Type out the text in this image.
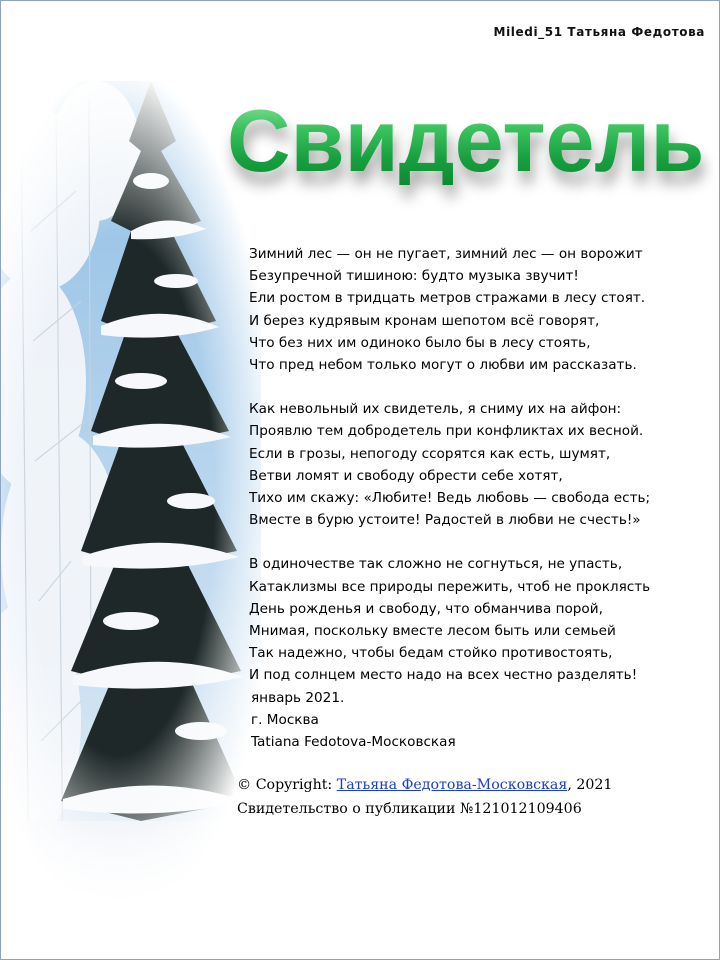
Miledi_51 Татьяна Федотова
Свидетель
Зимний лес — он не пугает, зимний лес — он ворожит
Безупречной тишиною: будто музыка звучит!
Ели ростом в тридцать метров стражами в лесу стоят.
И берез кудрявым кронам шепотом всё говорят,
Что без них им одиноко было бы в лесу стоять,
Что пред небом только могут о любви им рассказать.
Как невольный их свидетель, я сниму их на айфон:
Проявлю тем добродетель при конфликтах их весной.
Если в грозы, непогоду ссорятся как есть, шумят,
Ветви ломят и свободу обрести себе хотят,
Тихо им скажу: «Любите! Ведь любовь — свобода есть;
Вместе в бурю устоите! Радостей в любви не счесть!»
В одиночестве так сложно не согнуться, не упасть,
Катаклизмы все природы пережить, чтоб не проклясть
День рожденья и свободу, что обманчива порой,
Мнимая, поскольку вместе лесом быть или семьей
Так надежно, чтобы бедам стойко противостоять,
И под солнцем место надо на всех честно разделять!
январь 2021.
г. Москва
Tatiana Fedotova-Московская
© Copyright: Татьяна Федотова-Московская, 2021
Свидетельство о публикации №121012109406
